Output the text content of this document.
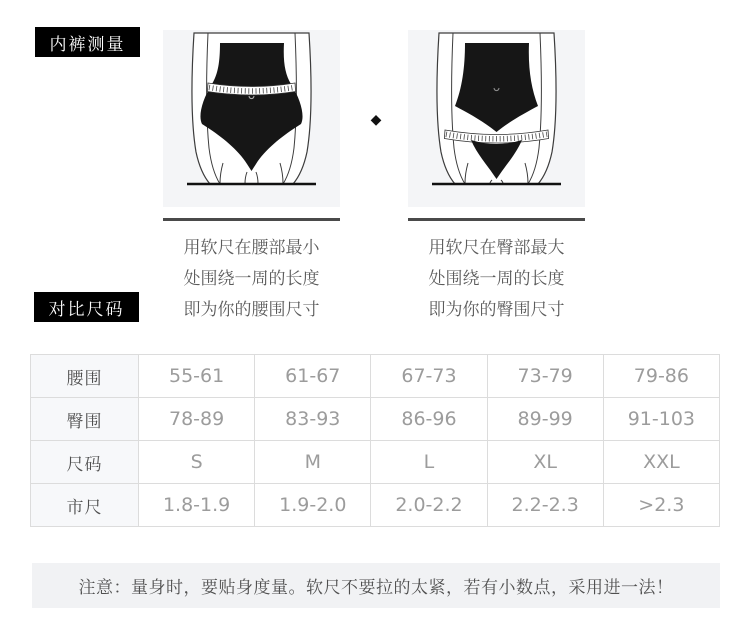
内裤测量
◆
用软尺在腰部最小
处围绕一周的长度
即为你的腰围尺寸
用软尺在臀部最大
处围绕一周的长度
即为你的臀围尺寸
对比尺码
腰围	55-61	61-67	67-73	73-79	79-86
臀围	78-89	83-93	86-96	89-99	91-103
尺码	S	M	L	XL	XXL
市尺	1.8-1.9	1.9-2.0	2.0-2.2	2.2-2.3	>2.3
注意：量身时，要贴身度量。软尺不要拉的太紧，若有小数点，采用进一法！
